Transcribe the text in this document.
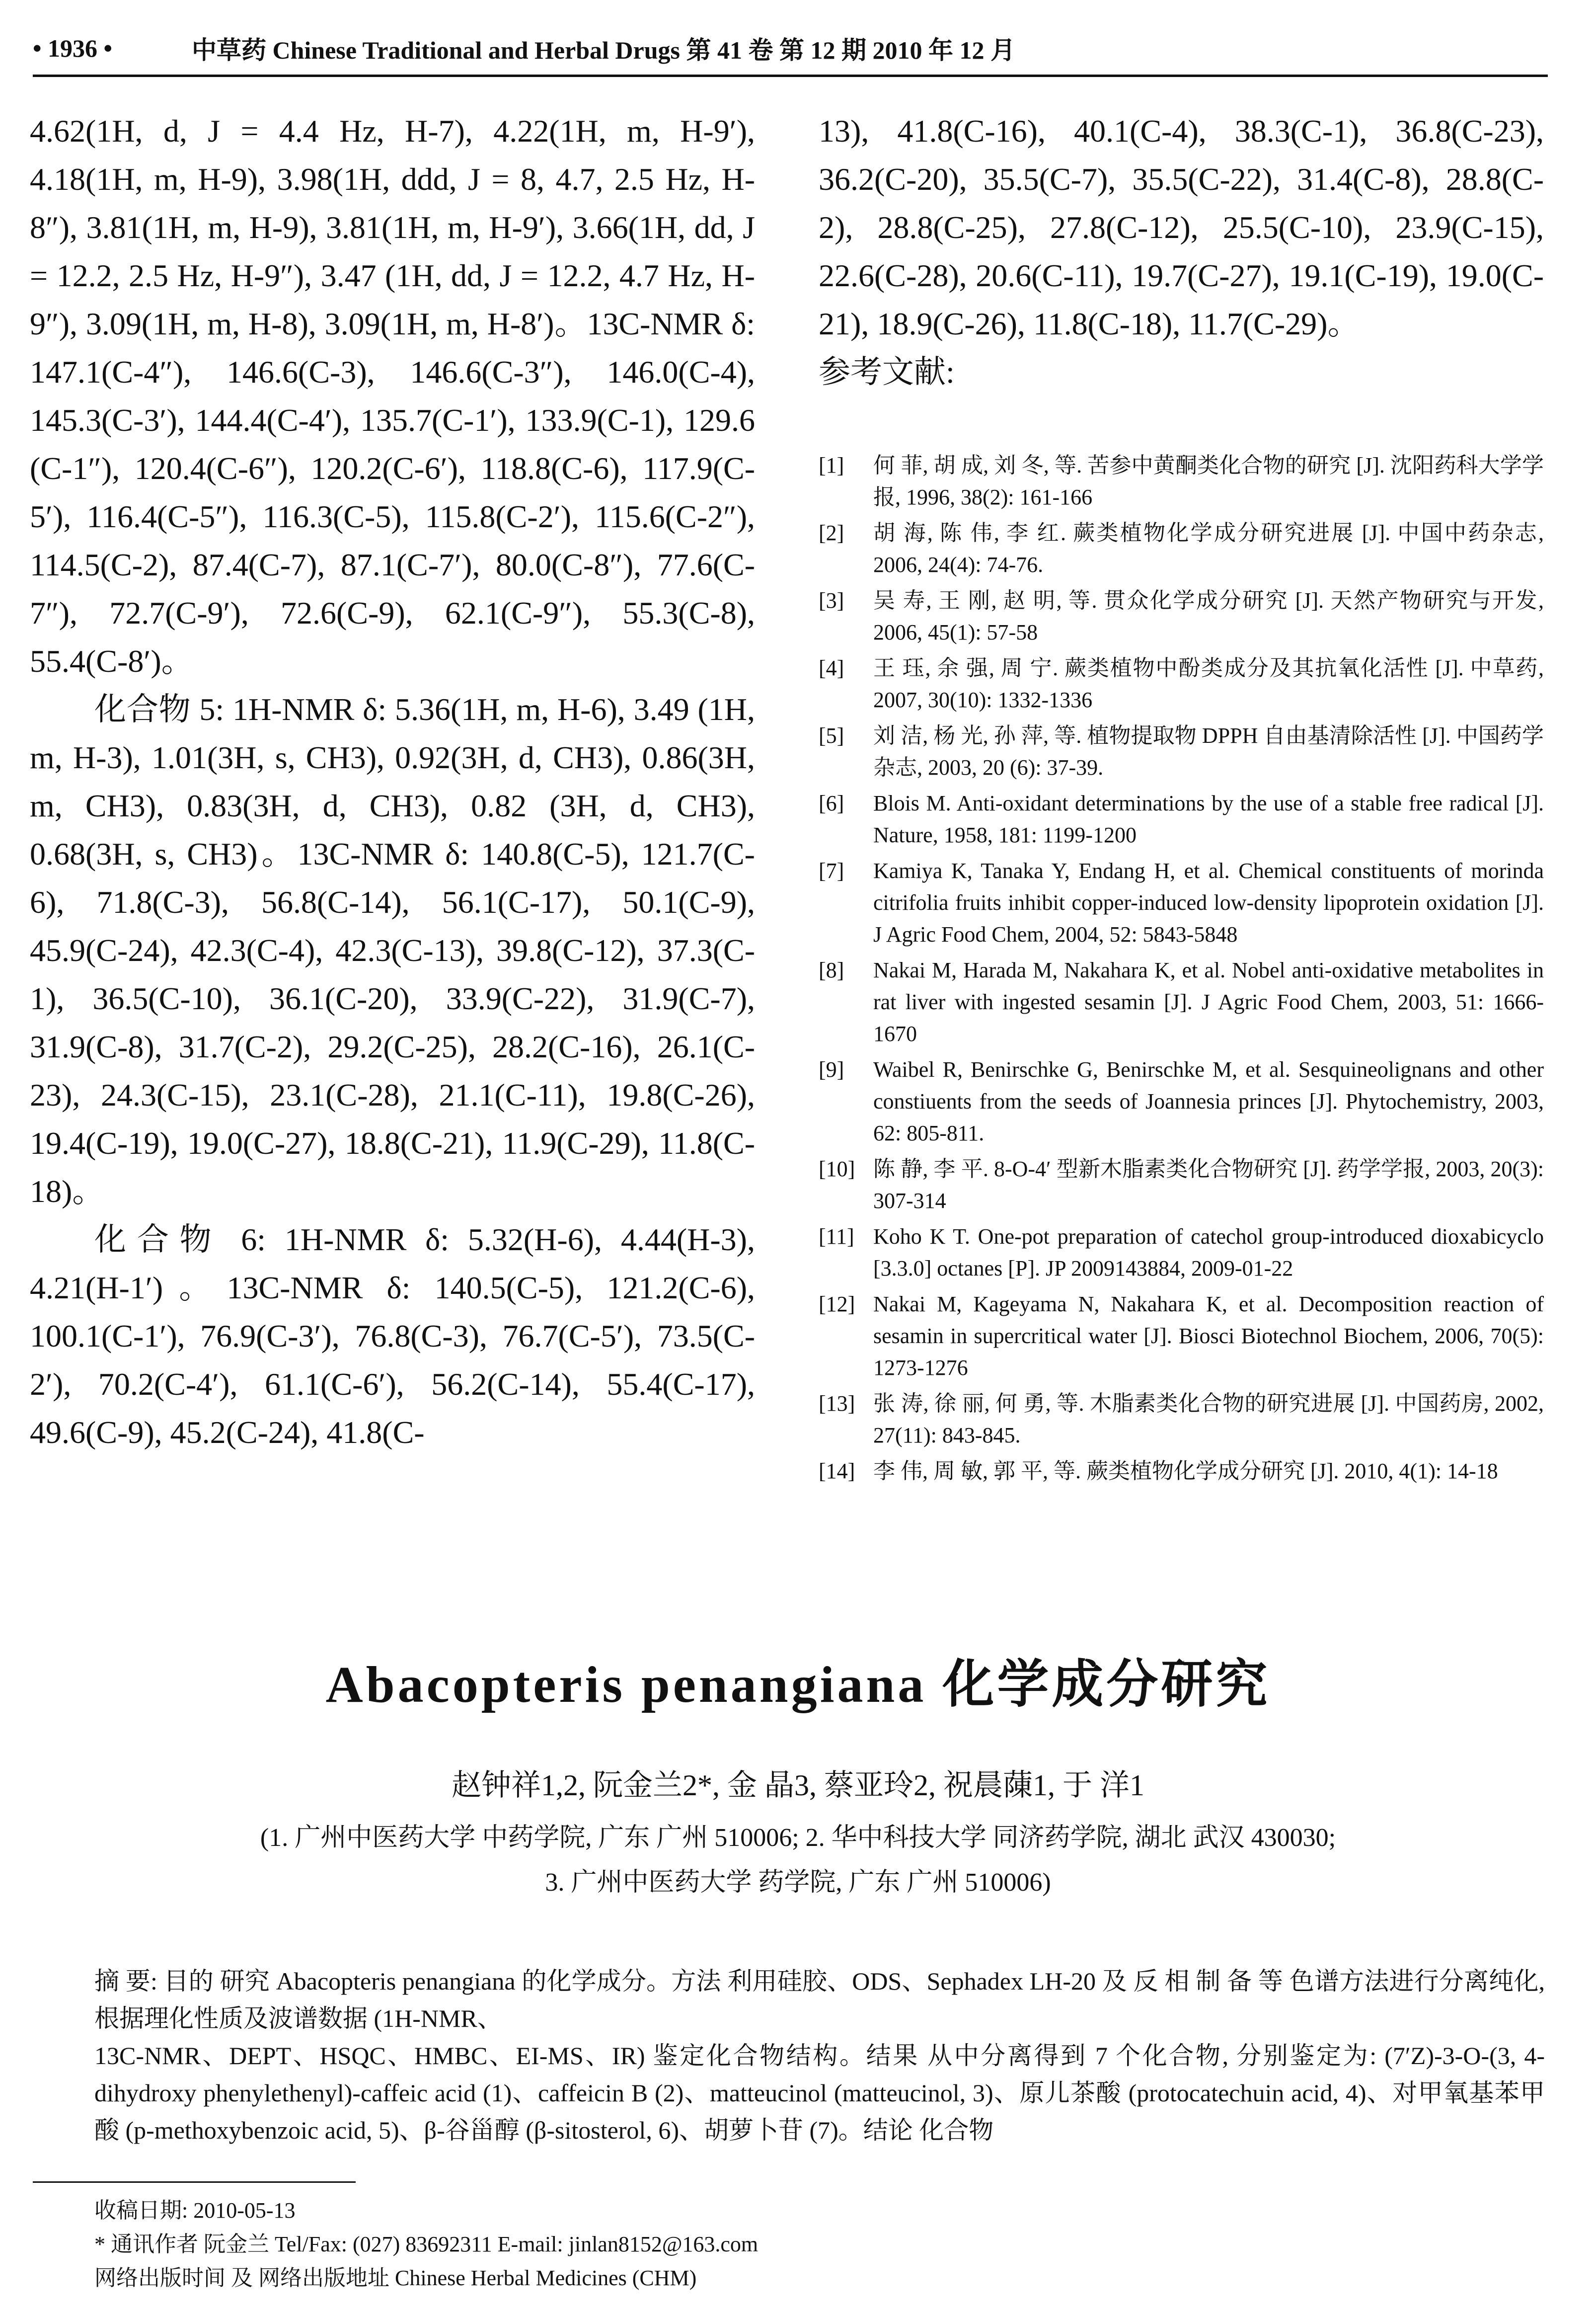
• 1936 •	中草药 Chinese Traditional and Herbal Drugs 第 41 卷 第 12 期 2010 年 12 月

4.62(1H, d, J = 4.4 Hz, H-7), 4.22(1H, m, H-9′), 4.18(1H, m, H-9), 3.98(1H, ddd, J = 8, 4.7, 2.5 Hz, H-8″), 3.81(1H, m, H-9), 3.81(1H, m, H-9′), 3.66(1H, dd, J = 12.2, 2.5 Hz, H-9″), 3.47 (1H, dd, J = 12.2, 4.7 Hz, H-9″), 3.09(1H, m, H-8), 3.09(1H, m, H-8′)。13C-NMR δ: 147.1(C-4″), 146.6(C-3), 146.6(C-3″), 146.0(C-4), 145.3(C-3′), 144.4(C-4′), 135.7(C-1′), 133.9(C-1), 129.6 (C-1″), 120.4(C-6″), 120.2(C-6′), 118.8(C-6), 117.9(C-5′), 116.4(C-5″), 116.3(C-5), 115.8(C-2′), 115.6(C-2″), 114.5(C-2), 87.4(C-7), 87.1(C-7′), 80.0(C-8″), 77.6(C-7″), 72.7(C-9′), 72.6(C-9), 62.1(C-9″), 55.3(C-8), 55.4(C-8′)。

化合物 5: 1H-NMR δ: 5.36(1H, m, H-6), 3.49 (1H, m, H-3), 1.01(3H, s, CH3), 0.92(3H, d, CH3), 0.86(3H, m, CH3), 0.83(3H, d, CH3), 0.82 (3H, d, CH3), 0.68(3H, s, CH3)。13C-NMR δ: 140.8(C-5), 121.7(C-6), 71.8(C-3), 56.8(C-14), 56.1(C-17), 50.1(C-9), 45.9(C-24), 42.3(C-4), 42.3(C-13), 39.8(C-12), 37.3(C-1), 36.5(C-10), 36.1(C-20), 33.9(C-22), 31.9(C-7), 31.9(C-8), 31.7(C-2), 29.2(C-25), 28.2(C-16), 26.1(C-23), 24.3(C-15), 23.1(C-28), 21.1(C-11), 19.8(C-26), 19.4(C-19), 19.0(C-27), 18.8(C-21), 11.9(C-29), 11.8(C-18)。

化合物 6: 1H-NMR δ: 5.32(H-6), 4.44(H-3), 4.21(H-1′)。13C-NMR δ: 140.5(C-5), 121.2(C-6), 100.1(C-1′), 76.9(C-3′), 76.8(C-3), 76.7(C-5′), 73.5(C-2′), 70.2(C-4′), 61.1(C-6′), 56.2(C-14), 55.4(C-17), 49.6(C-9), 45.2(C-24), 41.8(C-

13), 41.8(C-16), 40.1(C-4), 38.3(C-1), 36.8(C-23), 36.2(C-20), 35.5(C-7), 35.5(C-22), 31.4(C-8), 28.8(C-2), 28.8(C-25), 27.8(C-12), 25.5(C-10), 23.9(C-15), 22.6(C-28), 20.6(C-11), 19.7(C-27), 19.1(C-19), 19.0(C-21), 18.9(C-26), 11.8(C-18), 11.7(C-29)。

参考文献:

[1]	何 菲, 胡 成, 刘 冬, 等. 苦参中黄酮类化合物的研究 [J]. 沈阳药科大学学报, 1996, 38(2): 161-166
[2]	胡 海, 陈 伟, 李 红. 蕨类植物化学成分研究进展 [J]. 中国中药杂志, 2006, 24(4): 74-76.
[3]	吴 寿, 王 刚, 赵 明, 等. 贯众化学成分研究 [J]. 天然产物研究与开发, 2006, 45(1): 57-58
[4]	王 珏, 余 强, 周 宁. 蕨类植物中酚类成分及其抗氧化活性 [J]. 中草药, 2007, 30(10): 1332-1336
[5]	刘 洁, 杨 光, 孙 萍, 等. 植物提取物 DPPH 自由基清除活性 [J]. 中国药学杂志, 2003, 20 (6): 37-39.
[6]	Blois M. Anti-oxidant determinations by the use of a stable free radical [J]. Nature, 1958, 181: 1199-1200
[7]	Kamiya K, Tanaka Y, Endang H, et al. Chemical constituents of morinda citrifolia fruits inhibit copper-induced low-density lipoprotein oxidation [J]. J Agric Food Chem, 2004, 52: 5843-5848
[8]	Nakai M, Harada M, Nakahara K, et al. Nobel anti-oxidative metabolites in rat liver with ingested sesamin [J]. J Agric Food Chem, 2003, 51: 1666-1670
[9]	Waibel R, Benirschke G, Benirschke M, et al. Sesquineolignans and other constiuents from the seeds of Joannesia princes [J]. Phytochemistry, 2003, 62: 805-811.
[10] 陈 静, 李 平. 8-O-4′ 型新木脂素类化合物研究 [J]. 药学学报, 2003, 20(3): 307-314
[11] Koho K T. One-pot preparation of catechol group-introduced dioxabicyclo [3.3.0] octanes [P]. JP 2009143884, 2009-01-22
[12] Nakai M, Kageyama N, Nakahara K, et al. Decomposition reaction of sesamin in supercritical water [J]. Biosci Biotechnol Biochem, 2006, 70(5): 1273-1276
[13] 张 涛, 徐 丽, 何 勇, 等. 木脂素类化合物的研究进展 [J]. 中国药房, 2002, 27(11): 843-845.
[14] 李 伟, 周 敏, 郭 平, 等. 蕨类植物化学成分研究 [J]. 2010, 4(1): 14-18
Abacopteris penangiana 化学成分研究
赵钟祥1,2, 阮金兰2*, 金 晶3, 蔡亚玲2, 祝晨蔯1, 于 洋1
(1. 广州中医药大学 中药学院, 广东 广州 510006; 2. 华中科技大学 同济药学院, 湖北 武汉 430030;
3. 广州中医药大学 药学院, 广东 广州 510006)

摘 要: 目的 研究 Abacopteris penangiana 的化学成分。方法 利用硅胶、ODS、Sephadex LH-20 及 反 相 制 备 等 色谱方法进行分离纯化, 根据理化性质及波谱数据 (1H-NMR、

13C-NMR、DEPT、HSQC、HMBC、EI-MS、IR) 鉴定化合物结构。结果 从中分离得到 7 个化合物, 分别鉴定为: (7′Z)-3-O-(3, 4-dihydroxy phenylethenyl)-caffeic acid (1)、caffeicin B (2)、matteucinol (matteucinol, 3)、原儿茶酸 (protocatechuin acid, 4)、对甲氧基苯甲酸 (p-methoxybenzoic acid, 5)、β-谷甾醇 (β-sitosterol, 6)、胡萝卜苷 (7)。结论 化合物

收稿日期: 2010-05-13

* 通讯作者 阮金兰 Tel/Fax: (027) 83692311 E-mail: jinlan8152@163.com

网络出版时间 及 网络出版地址 Chinese Herbal Medicines (CHM)
